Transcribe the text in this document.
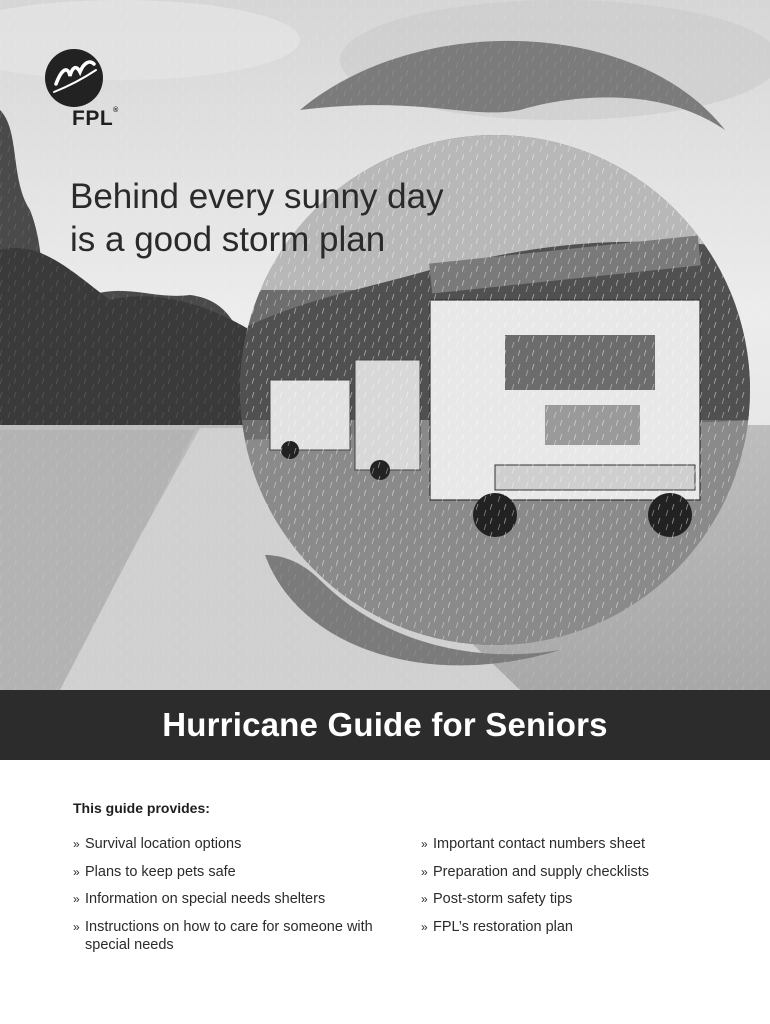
FPL®
Behind every sunny day
is a good storm plan
Hurricane Guide for Seniors
This guide provides:
» Survival location options
» Plans to keep pets safe
» Information on special needs shelters
» Instructions on how to care for someone with special needs
» Important contact numbers sheet
» Preparation and supply checklists
» Post-storm safety tips
» FPL’s restoration plan
